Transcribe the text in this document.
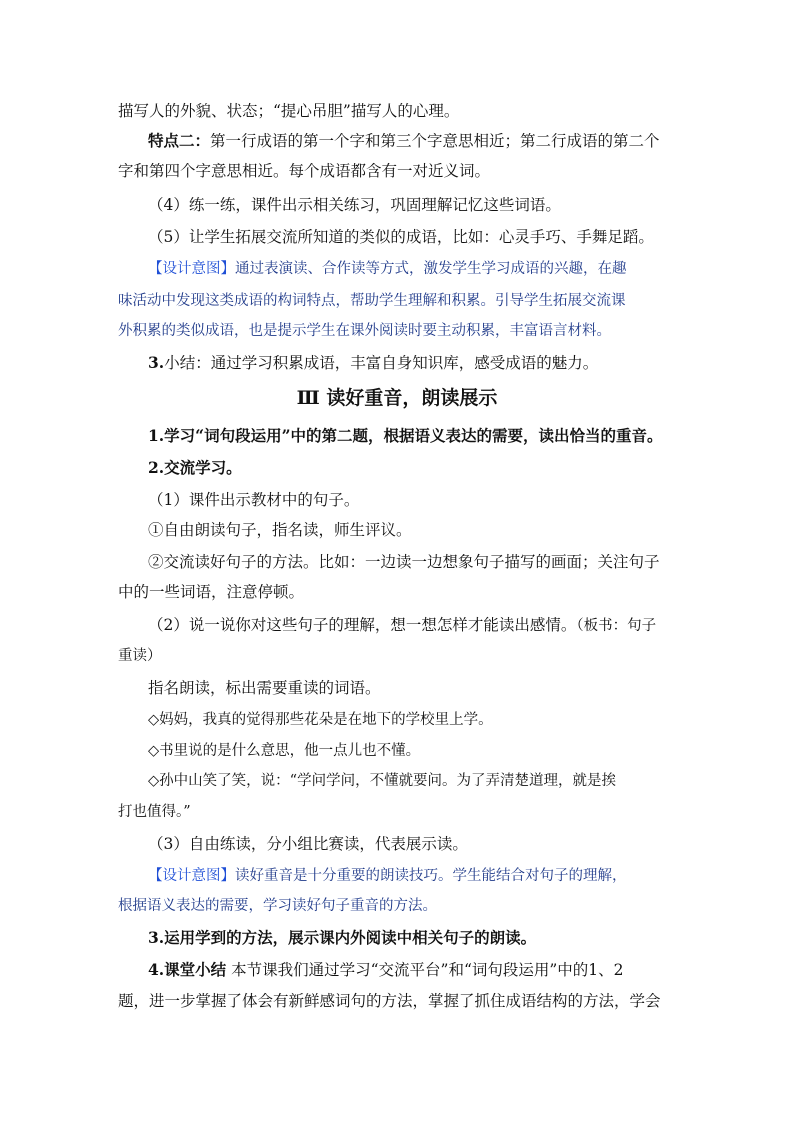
描写人的外貌、状态；“提心吊胆”描写人的心理。
特点二：第一行成语的第一个字和第三个字意思相近；第二行成语的第二个
字和第四个字意思相近。每个成语都含有一对近义词。
（4）练一练，课件出示相关练习，巩固理解记忆这些词语。
（5）让学生拓展交流所知道的类似的成语，比如：心灵手巧、手舞足蹈。
【设计意图】通过表演读、合作读等方式，激发学生学习成语的兴趣，在趣
味活动中发现这类成语的构词特点，帮助学生理解和积累。引导学生拓展交流课
外积累的类似成语，也是提示学生在课外阅读时要主动积累，丰富语言材料。
3.小结：通过学习积累成语，丰富自身知识库，感受成语的魅力。
Ⅲ 读好重音，朗读展示
1.学习“词句段运用”中的第二题，根据语义表达的需要，读出恰当的重音。
2.交流学习。
（1）课件出示教材中的句子。
①自由朗读句子，指名读，师生评议。
②交流读好句子的方法。比如：一边读一边想象句子描写的画面；关注句子
中的一些词语，注意停顿。
（2）说一说你对这些句子的理解，想一想怎样才能读出感情。（板书：句子
重读）
指名朗读，标出需要重读的词语。
◇妈妈，我真的觉得那些花朵是在地下的学校里上学。
◇书里说的是什么意思，他一点儿也不懂。
◇孙中山笑了笑，说：“学问学问，不懂就要问。为了弄清楚道理，就是挨
打也值得。”
（3）自由练读，分小组比赛读，代表展示读。
【设计意图】读好重音是十分重要的朗读技巧。学生能结合对句子的理解，
根据语义表达的需要，学习读好句子重音的方法。
3.运用学到的方法，展示课内外阅读中相关句子的朗读。
4.课堂小结 本节课我们通过学习“交流平台”和“词句段运用”中的1、2
题，进一步掌握了体会有新鲜感词句的方法，掌握了抓住成语结构的方法，学会
